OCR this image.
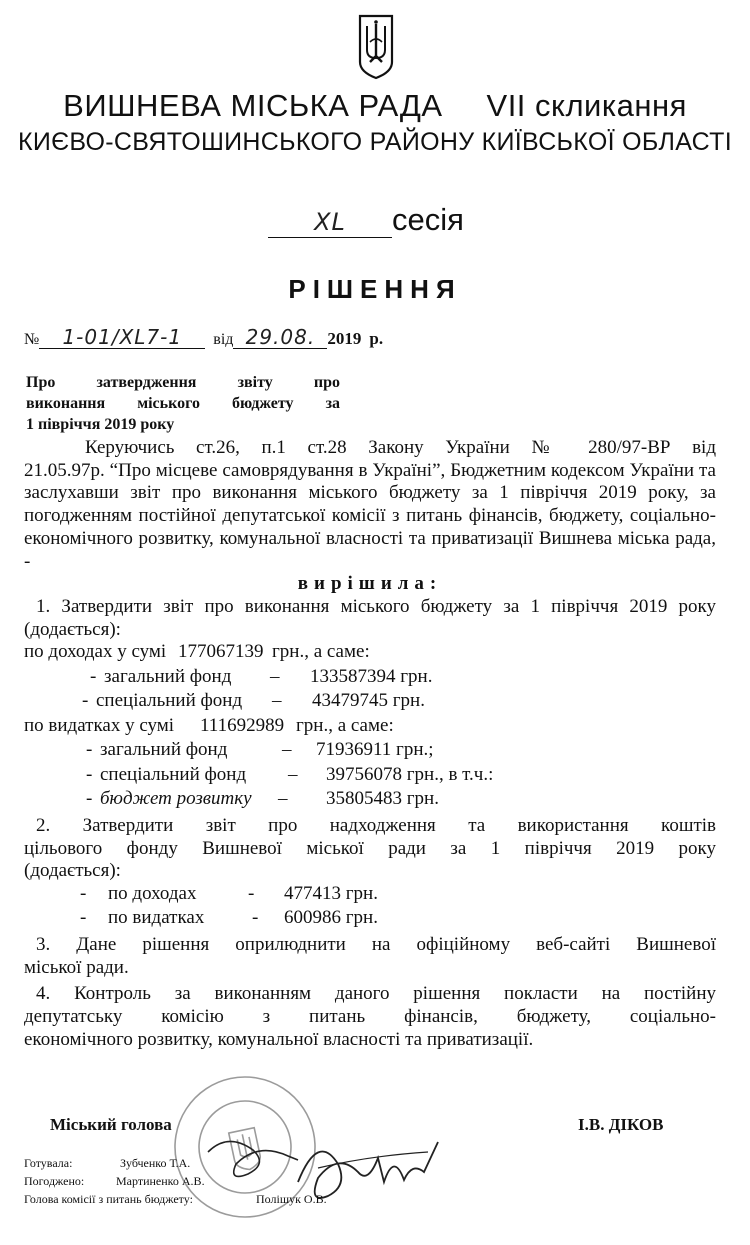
ВИШНЕВА МІСЬКА РАДА VII скликання
КИЄВО-СВЯТОШИНСЬКОГО РАЙОНУ КИЇВСЬКОЇ ОБЛАСТІ
XL сесія
РІШЕННЯ
№ 1-01/XL7-1 від 29.08. 2019 р.
Про затвердження звіту про
виконання міського бюджету за
1 півріччя 2019 року
Керуючись ст.26, п.1 ст.28 Закону України № 280/97-ВР від
21.05.97р. “Про місцеве самоврядування в Україні”, Бюджетним кодексом України та заслухавши звіт про виконання міського бюджету за 1 півріччя 2019 року, за погодженням постійної депутатської комісії з питань фінансів, бюджету, соціально-економічного розвитку, комунальної власності та приватизації Вишнева міська рада, -
вирішила:
1. Затвердити звіт про виконання міського бюджету за 1 півріччя 2019 року (додається):
по доходах у сумі 177067139 грн., а саме:
- загальний фонд – 133587394 грн.
- спеціальний фонд – 43479745 грн.
по видатках у сумі 111692989 грн., а саме:
- загальний фонд	– 71936911 грн.;
- спеціальний фонд – 39756078 грн., в т.ч.:
- бюджет розвитку – 35805483 грн.
2. Затвердити звіт про надходження та використання коштів
цільового фонду Вишневої міської ради за 1 півріччя 2019 року
(додається):
- по доходах	- 477413 грн.
- по видатках	- 600986 грн.
3. Дане рішення оприлюднити на офіційному веб-сайті Вишневої
міської ради.
4. Контроль за виконанням даного рішення покласти на постійну
депутатську комісію з питань фінансів, бюджету, соціально-
економічного розвитку, комунальної власності та приватизації.
Міський голова	І.В. ДІКОВ
Готувала:	Зубченко Т.А.
Погоджено:	Мартиненко А.В.
Голова комісії з питань бюджету:	Полішук О.В.
